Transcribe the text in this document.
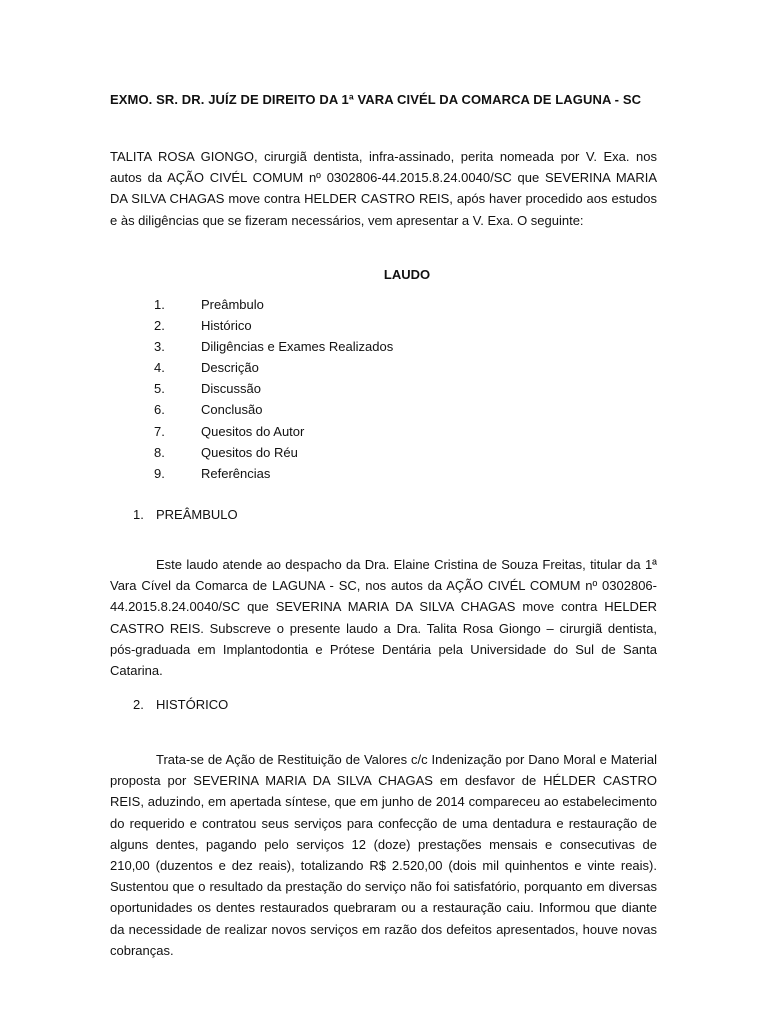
EXMO. SR. DR. JUÍZ DE DIREITO DA 1ª VARA CIVÉL DA COMARCA DE LAGUNA - SC

TALITA ROSA GIONGO, cirurgiã dentista, infra-assinado, perita nomeada por V. Exa. nos autos da AÇÃO CIVÉL COMUM nº 0302806-44.2015.8.24.0040/SC que SEVERINA MARIA DA SILVA CHAGAS move contra HELDER CASTRO REIS, após haver procedido aos estudos e às diligências que se fizeram necessários, vem apresentar a V. Exa. O seguinte:

LAUDO
1.	Preâmbulo
2.	Histórico
3.	Diligências e Exames Realizados
4.	Descrição
5.	Discussão
6.	Conclusão
7.	Quesitos do Autor
8.	Quesitos do Réu
9.	Referências
1. PREÂMBULO

Este laudo atende ao despacho da Dra. Elaine Cristina de Souza Freitas, titular da 1ª Vara Cível da Comarca de LAGUNA - SC, nos autos da AÇÃO CIVÉL COMUM nº 0302806-44.2015.8.24.0040/SC que SEVERINA MARIA DA SILVA CHAGAS move contra HELDER CASTRO REIS. Subscreve o presente laudo a Dra. Talita Rosa Giongo – cirurgiã dentista, pós-graduada em Implantodontia e Prótese Dentária pela Universidade do Sul de Santa Catarina.

2. HISTÓRICO

Trata-se de Ação de Restituição de Valores c/c Indenização por Dano Moral e Material proposta por SEVERINA MARIA DA SILVA CHAGAS em desfavor de HÉLDER CASTRO REIS, aduzindo, em apertada síntese, que em junho de 2014 compareceu ao estabelecimento do requerido e contratou seus serviços para confecção de uma dentadura e restauração de alguns dentes, pagando pelo serviços 12 (doze) prestações mensais e consecutivas de 210,00 (duzentos e dez reais), totalizando R$ 2.520,00 (dois mil quinhentos e vinte reais). Sustentou que o resultado da prestação do serviço não foi satisfatório, porquanto em diversas oportunidades os dentes restaurados quebraram ou a restauração caiu. Informou que diante da necessidade de realizar novos serviços em razão dos defeitos apresentados, houve novas cobranças.
